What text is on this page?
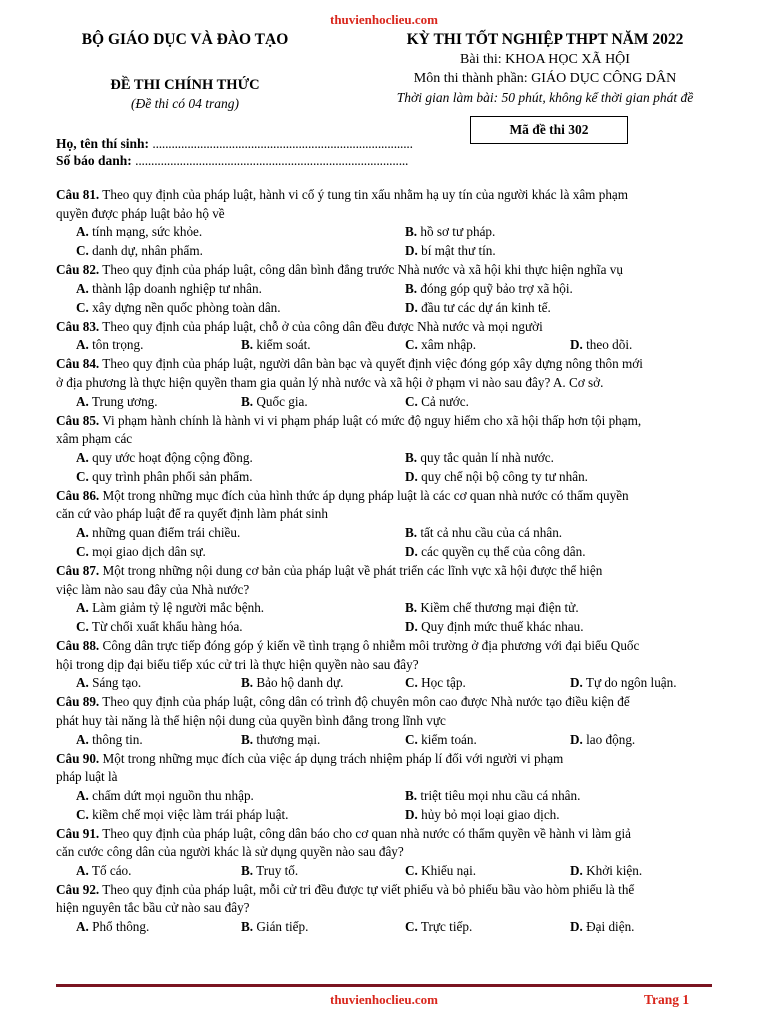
thuvienhoclieu.com
BỘ GIÁO DỤC VÀ ĐÀO TẠO
ĐỀ THI CHÍNH THỨC
(Đề thi có 04 trang)
KỲ THI TỐT NGHIỆP THPT NĂM 2022
Bài thi: KHOA HỌC XÃ HỘI
Môn thi thành phần: GIÁO DỤC CÔNG DÂN
Thời gian làm bài: 50 phút, không kể thời gian phát đề
Mã đề thi 302
Họ, tên thí sinh: ..................................................................................
Số báo danh: ......................................................................................
Câu 81. Theo quy định của pháp luật, hành vi cố ý tung tin xấu nhằm hạ uy tín của người khác là xâm phạm
quyền được pháp luật bảo hộ về
A. tính mạng, sức khỏe.	B. hồ sơ tư pháp.
C. danh dự, nhân phẩm.	D. bí mật thư tín.
Câu 82. Theo quy định của pháp luật, công dân bình đẳng trước Nhà nước và xã hội khi thực hiện nghĩa vụ
A. thành lập doanh nghiệp tư nhân.	B. đóng góp quỹ bảo trợ xã hội.
C. xây dựng nền quốc phòng toàn dân.	D. đầu tư các dự án kinh tế.
Câu 83. Theo quy định của pháp luật, chỗ ở của công dân đều được Nhà nước và mọi người
A. tôn trọng.	B. kiểm soát.	C. xâm nhập.	D. theo dõi.
Câu 84. Theo quy định của pháp luật, người dân bàn bạc và quyết định việc đóng góp xây dựng nông thôn mới
ở địa phương là thực hiện quyền tham gia quản lý nhà nước và xã hội ở phạm vi nào sau đây? A. Cơ sở.
A. Trung ương.	B. Quốc gia.	C. Cả nước.
Câu 85. Vi phạm hành chính là hành vi vi phạm pháp luật có mức độ nguy hiểm cho xã hội thấp hơn tội phạm,
xâm phạm các
A. quy ước hoạt động cộng đồng.	B. quy tắc quản lí nhà nước.
C. quy trình phân phối sản phẩm.	D. quy chế nội bộ công ty tư nhân.
Câu 86. Một trong những mục đích của hình thức áp dụng pháp luật là các cơ quan nhà nước có thẩm quyền
căn cứ vào pháp luật để ra quyết định làm phát sinh
A. những quan điểm trái chiều.	B. tất cả nhu cầu của cá nhân.
C. mọi giao dịch dân sự.	D. các quyền cụ thể của công dân.
Câu 87. Một trong những nội dung cơ bản của pháp luật về phát triển các lĩnh vực xã hội được thể hiện
việc làm nào sau đây của Nhà nước?
A. Làm giảm tỷ lệ người mắc bệnh.	B. Kiềm chế thương mại điện tử.
C. Từ chối xuất khẩu hàng hóa.	D. Quy định mức thuế khác nhau.
Câu 88. Công dân trực tiếp đóng góp ý kiến về tình trạng ô nhiễm môi trường ở địa phương với đại biểu Quốc
hội trong dịp đại biểu tiếp xúc cử tri là thực hiện quyền nào sau đây?
A. Sáng tạo.	B. Bảo hộ danh dự.	C. Học tập.	D. Tự do ngôn luận.
Câu 89. Theo quy định của pháp luật, công dân có trình độ chuyên môn cao được Nhà nước tạo điều kiện để
phát huy tài năng là thể hiện nội dung của quyền bình đẳng trong lĩnh vực
A. thông tin.	B. thương mại.	C. kiểm toán.	D. lao động.
Câu 90. Một trong những mục đích của việc áp dụng trách nhiệm pháp lí đối với người vi phạm
pháp luật là
A. chấm dứt mọi nguồn thu nhập.	B. triệt tiêu mọi nhu cầu cá nhân.
C. kiềm chế mọi việc làm trái pháp luật.	D. hủy bỏ mọi loại giao dịch.
Câu 91. Theo quy định của pháp luật, công dân báo cho cơ quan nhà nước có thẩm quyền về hành vi làm giả
căn cước công dân của người khác là sử dụng quyền nào sau đây?
A. Tố cáo.	B. Truy tố.	C. Khiếu nại.	D. Khởi kiện.
Câu 92. Theo quy định của pháp luật, mỗi cử tri đều được tự viết phiếu và bỏ phiếu bầu vào hòm phiếu là thể
hiện nguyên tắc bầu cử nào sau đây?
A. Phổ thông.	B. Gián tiếp.	C. Trực tiếp.	D. Đại diện.
thuvienhoclieu.com	Trang 1
